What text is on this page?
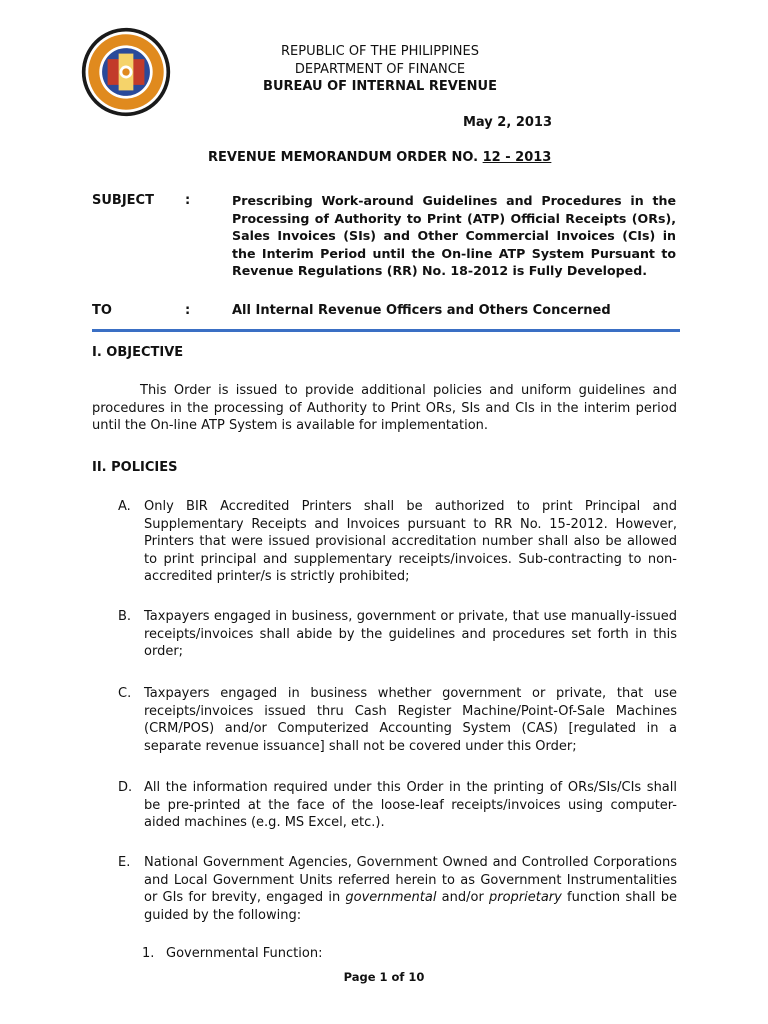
REPUBLIC OF THE PHILIPPINES
DEPARTMENT OF FINANCE
BUREAU OF INTERNAL REVENUE
May 2, 2013
REVENUE MEMORANDUM ORDER NO. 12 - 2013
SUBJECT :	Prescribing Work-around Guidelines and Procedures in the Processing of Authority to Print (ATP) Official Receipts (ORs), Sales Invoices (SIs) and Other Commercial Invoices (CIs) in the Interim Period until the On-line ATP System Pursuant to Revenue Regulations (RR) No. 18-2012 is Fully Developed.
TO	:	All Internal Revenue Officers and Others Concerned
I. OBJECTIVE
This Order is issued to provide additional policies and uniform guidelines and procedures in the processing of Authority to Print ORs, SIs and CIs in the interim period until the On-line ATP System is available for implementation.
II. POLICIES
A. Only BIR Accredited Printers shall be authorized to print Principal and Supplementary Receipts and Invoices pursuant to RR No. 15-2012. However, Printers that were issued provisional accreditation number shall also be allowed to print principal and supplementary receipts/invoices. Sub-contracting to non-accredited printer/s is strictly prohibited;
B. Taxpayers engaged in business, government or private, that use manually-issued receipts/invoices shall abide by the guidelines and procedures set forth in this order;
C. Taxpayers engaged in business whether government or private, that use receipts/invoices issued thru Cash Register Machine/Point-Of-Sale Machines (CRM/POS) and/or Computerized Accounting System (CAS) [regulated in a separate revenue issuance] shall not be covered under this Order;
D. All the information required under this Order in the printing of ORs/SIs/CIs shall be pre-printed at the face of the loose-leaf receipts/invoices using computer-aided machines (e.g. MS Excel, etc.).
E. National Government Agencies, Government Owned and Controlled Corporations and Local Government Units referred herein to as Government Instrumentalities or GIs for brevity, engaged in governmental and/or proprietary function shall be guided by the following:
1. Governmental Function:
Page 1 of 10
